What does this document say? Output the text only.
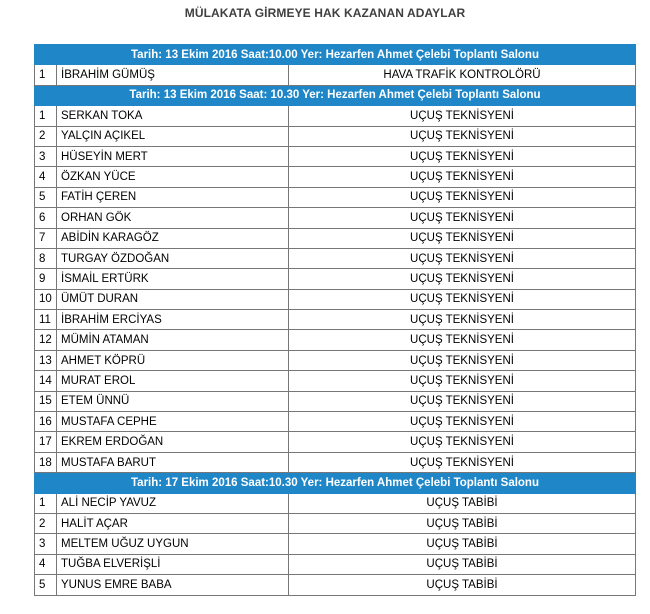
MÜLAKATA GİRMEYE HAK KAZANAN ADAYLAR
Tarih: 13 Ekim 2016 Saat:10.00 Yer: Hezarfen Ahmet Çelebi Toplantı Salonu		
1	İBRAHİM GÜMÜŞ	HAVA TRAFİK KONTROLÖRÜ
Tarih: 13 Ekim 2016 Saat: 10.30 Yer: Hezarfen Ahmet Çelebi Toplantı Salonu		
1	SERKAN TOKA	UÇUŞ TEKNİSYENİ
2	YALÇIN AÇIKEL	UÇUŞ TEKNİSYENİ
3	HÜSEYİN MERT	UÇUŞ TEKNİSYENİ
4	ÖZKAN YÜCE	UÇUŞ TEKNİSYENİ
5	FATİH ÇEREN	UÇUŞ TEKNİSYENİ
6	ORHAN GÖK	UÇUŞ TEKNİSYENİ
7	ABİDİN KARAGÖZ	UÇUŞ TEKNİSYENİ
8	TURGAY ÖZDOĞAN	UÇUŞ TEKNİSYENİ
9	İSMAİL ERTÜRK	UÇUŞ TEKNİSYENİ
10	ÜMÜT DURAN	UÇUŞ TEKNİSYENİ
11	İBRAHİM ERCİYAS	UÇUŞ TEKNİSYENİ
12	MÜMİN ATAMAN	UÇUŞ TEKNİSYENİ
13	AHMET KÖPRÜ	UÇUŞ TEKNİSYENİ
14	MURAT EROL	UÇUŞ TEKNİSYENİ
15	ETEM ÜNNÜ	UÇUŞ TEKNİSYENİ
16	MUSTAFA CEPHE	UÇUŞ TEKNİSYENİ
17	EKREM ERDOĞAN	UÇUŞ TEKNİSYENİ
18	MUSTAFA BARUT	UÇUŞ TEKNİSYENİ
Tarih: 17 Ekim 2016 Saat:10.30 Yer: Hezarfen Ahmet Çelebi Toplantı Salonu		
1	ALİ NECİP YAVUZ	UÇUŞ TABİBİ
2	HALİT AÇAR	UÇUŞ TABİBİ
3	MELTEM UĞUZ UYGUN	UÇUŞ TABİBİ
4	TUĞBA ELVERİŞLİ	UÇUŞ TABİBİ
5	YUNUS EMRE BABA	UÇUŞ TABİBİ
